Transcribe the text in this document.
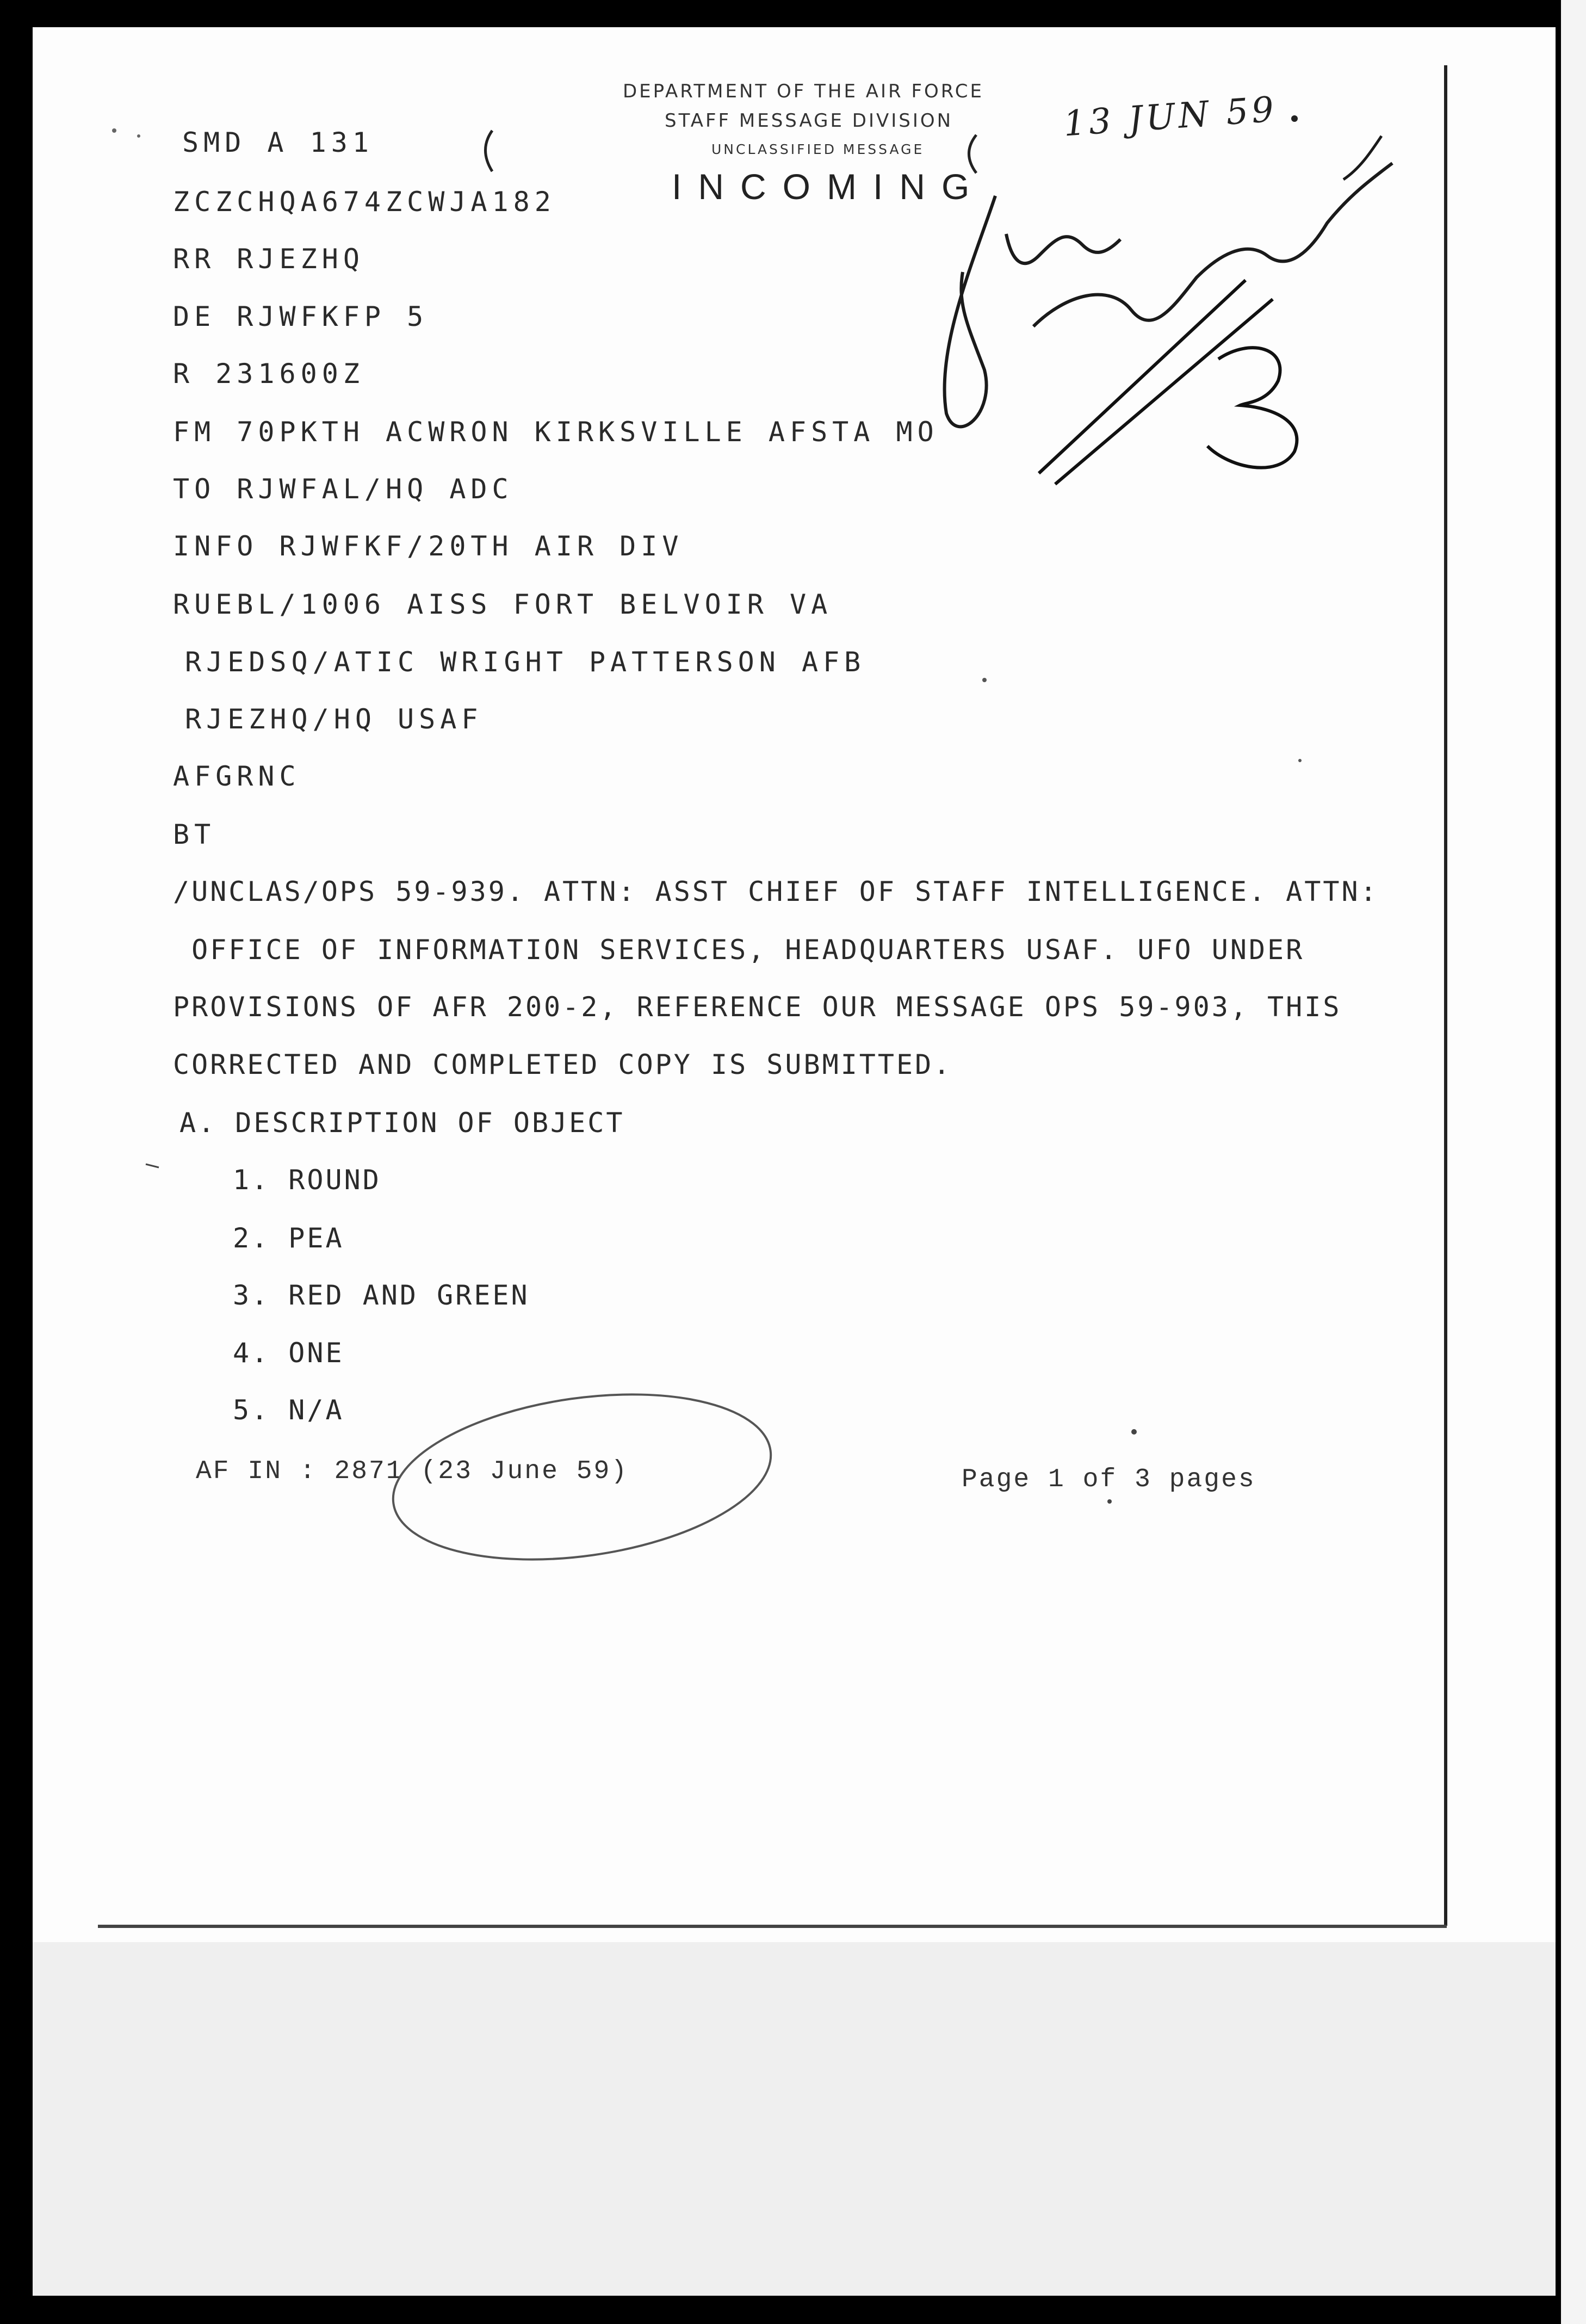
DEPARTMENT OF THE AIR FORCE
STAFF MESSAGE DIVISION
UNCLASSIFIED MESSAGE
INCOMING
13 JUN 59
SMD A 131
ZCZCHQA674ZCWJA182
RR RJEZHQ
DE RJWFKFP 5
R 231600Z
FM 70PKTH ACWRON KIRKSVILLE AFSTA MO
TO RJWFAL/HQ ADC
INFO RJWFKF/20TH AIR DIV
RUEBL/1006 AISS FORT BELVOIR VA
RJEDSQ/ATIC WRIGHT PATTERSON AFB
RJEZHQ/HQ USAF
AFGRNC
BT
/UNCLAS/OPS 59-939. ATTN: ASST CHIEF OF STAFF INTELLIGENCE. ATTN:
OFFICE OF INFORMATION SERVICES, HEADQUARTERS USAF. UFO UNDER
PROVISIONS OF AFR 200-2, REFERENCE OUR MESSAGE OPS 59-903, THIS
CORRECTED AND COMPLETED COPY IS SUBMITTED.
A. DESCRIPTION OF OBJECT
1. ROUND
2. PEA
3. RED AND GREEN
4. ONE
5. N/A
AF IN : 2871 (23 June 59)	Page 1 of 3 pages
